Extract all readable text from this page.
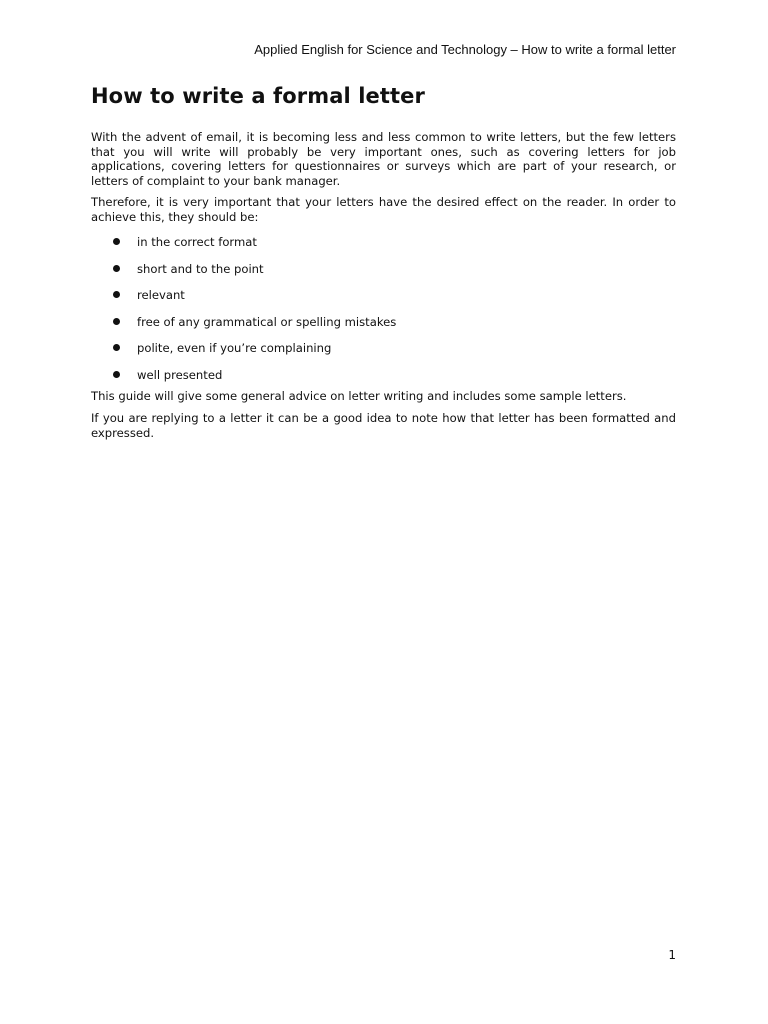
Applied English for Science and Technology – How to write a formal letter
How to write a formal letter

With the advent of email, it is becoming less and less common to write letters, but the few letters that you will write will probably be very important ones, such as covering letters for job applications, covering letters for questionnaires or surveys which are part of your research, or letters of complaint to your bank manager.

Therefore, it is very important that your letters have the desired effect on the reader. In order to achieve this, they should be:

in the correct format
short and to the point
relevant
free of any grammatical or spelling mistakes
polite, even if you’re complaining
well presented

This guide will give some general advice on letter writing and includes some sample letters.

If you are replying to a letter it can be a good idea to note how that letter has been formatted and expressed.

1
